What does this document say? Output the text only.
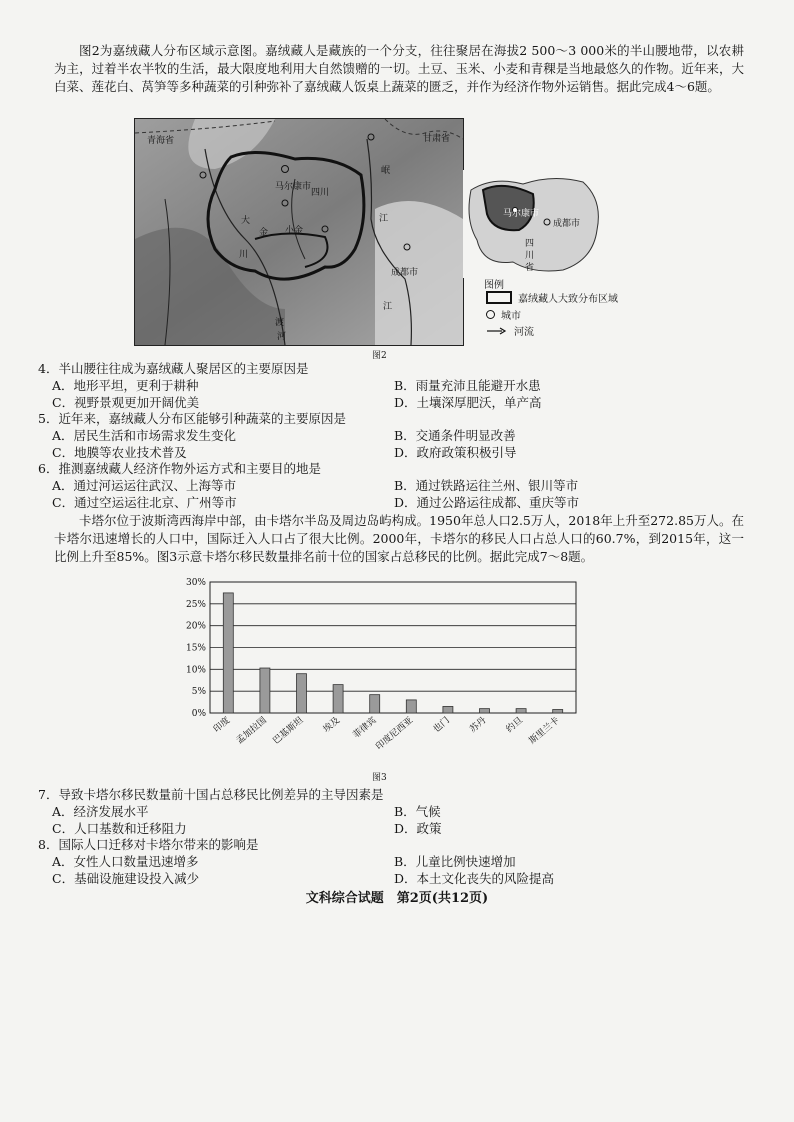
图2为嘉绒藏人分布区域示意图。嘉绒藏人是藏族的一个分支，往往聚居在海拔2 500～3 000米的半山腰地带，以农耕为主，过着半农半牧的生活，最大限度地利用大自然馈赠的一切。土豆、玉米、小麦和青稞是当地最悠久的作物。近年来，大白菜、莲花白、莴笋等多种蔬菜的引种弥补了嘉绒藏人饭桌上蔬菜的匮乏，并作为经济作物外运销售。据此完成4～6题。
青海省	甘肃省
马尔康市
成都市
四川
江
岷
大
金
川
小金
渡
河
江
图2
马尔康市
成都市
四
川
省
图例
嘉绒藏人大致分布区域
城市
河流
4．半山腰往往成为嘉绒藏人聚居区的主要原因是
A．地形平坦，更利于耕种	B．雨量充沛且能避开水患
C．视野景观更加开阔优美	D．土壤深厚肥沃，单产高
5．近年来，嘉绒藏人分布区能够引种蔬菜的主要原因是
A．居民生活和市场需求发生变化	B．交通条件明显改善
C．地膜等农业技术普及	D．政府政策积极引导
6．推测嘉绒藏人经济作物外运方式和主要目的地是
A．通过河运运往武汉、上海等市	B．通过铁路运往兰州、银川等市
C．通过空运运往北京、广州等市	D．通过公路运往成都、重庆等市
卡塔尔位于波斯湾西海岸中部，由卡塔尔半岛及周边岛屿构成。1950年总人口2.5万人，2018年上升至272.85万人。在卡塔尔迅速增长的人口中，国际迁入人口占了很大比例。2000年，卡塔尔的移民人口占总人口的60.7%，到2015年，这一比例上升至85%。图3示意卡塔尔移民数量排名前十位的国家占总移民的比例。据此完成7～8题。
0%
5%
10%
15%
20%
25%
30%
印度 孟加拉国 巴基斯坦 埃及 菲律宾
印度尼西亚 也门 苏丹 约旦 斯里兰卡
图3
7．导致卡塔尔移民数量前十国占总移民比例差异的主导因素是
A．经济发展水平	B．气候
C．人口基数和迁移阻力	D．政策
8．国际人口迁移对卡塔尔带来的影响是
A．女性人口数量迅速增多	B．儿童比例快速增加
C．基础设施建设投入减少	D．本土文化丧失的风险提高
文科综合试题　第2页(共12页)
